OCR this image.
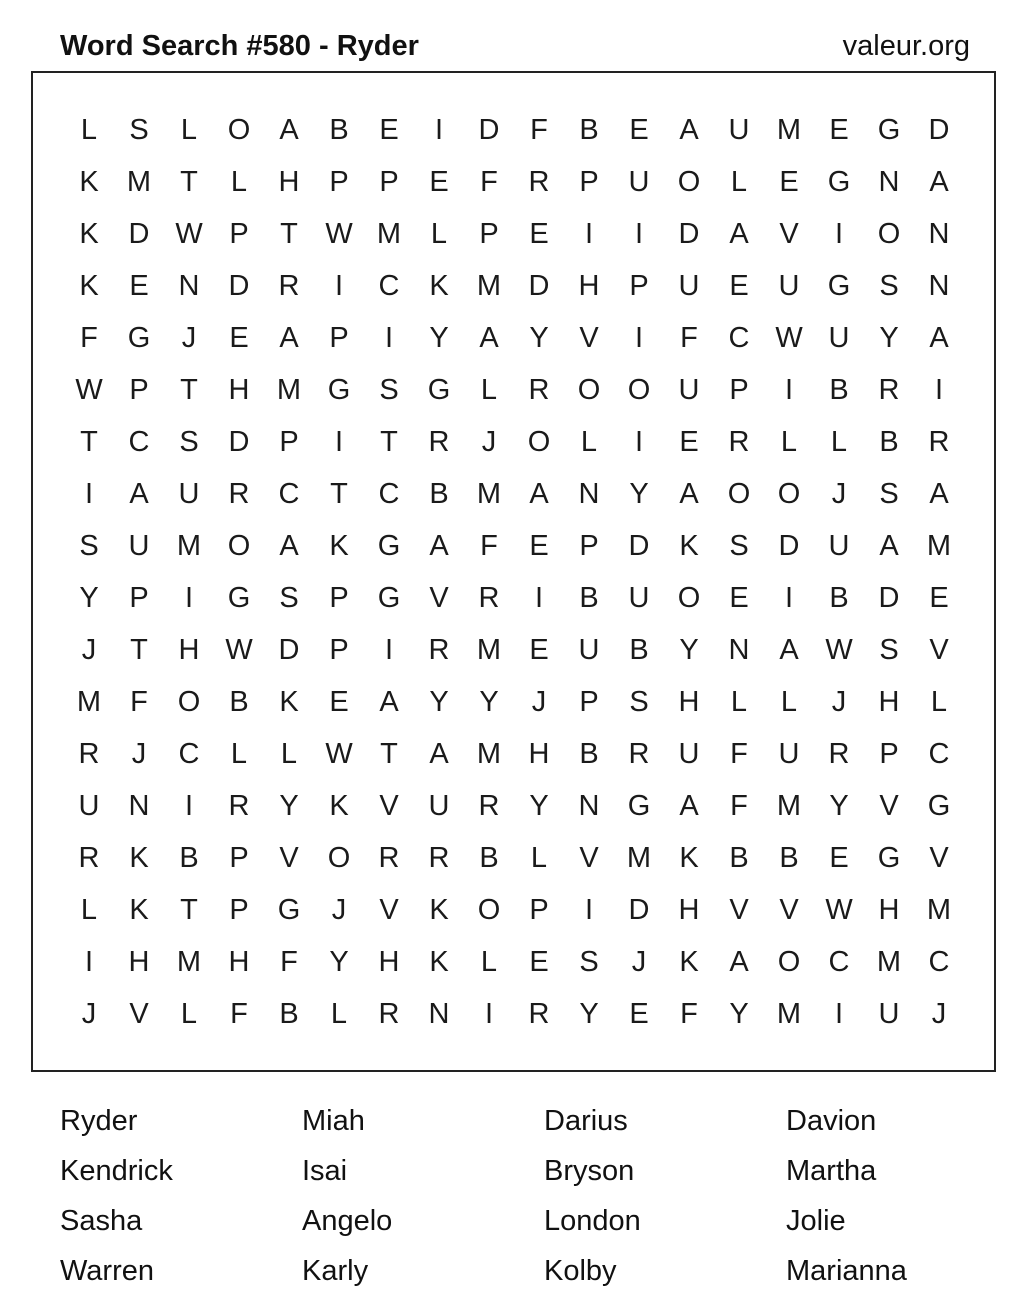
Word Search #580 - Ryder	valeur.org
L	S	L	O	A	B	E	I	D	F	B	E	A	U M E	G D
K M	T	L	H	P	P	E	F	R	P	U O	L	E	G N	A
K	D W P	T W M	L	P	E	I	I	D	A	V	I	O N
K	E	N	D	R	I	C	K M D	H	P	U	E	U G	S	N
F	G	J	E	A	P	I	Y	A	Y	V	I	F	C W U	Y	A
W P	T	H M G	S	G	L	R O O U	P	I	B	R	I
T	C	S	D	P	I	T	R	J	O	L	I	E	R	L	L	B	R
I	A	U	R	C	T	C	B M A	N	Y	A	O O	J	S	A
S	U M O	A	K	G	A	F	E	P	D	K	S	D	U	A M
Y	P	I	G	S	P	G	V	R	I	B	U O	E	I	B	D	E
J	T	H W D	P	I	R M E	U	B	Y	N	A W S	V
M	F	O	B	K	E	A	Y	Y	J	P	S	H	L	L	J	H	L
R	J	C	L	L W T	A M H	B	R	U	F	U	R	P	C
U	N	I	R	Y	K	V	U	R	Y	N G	A	F	M Y	V	G
R	K	B	P	V	O R	R	B	L	V M K	B	B	E	G	V
L	K	T	P	G	J	V	K	O	P	I	D	H	V	V W H M
I	H M H	F	Y	H	K	L	E	S	J	K	A	O C M C
J	V	L	F	B	L	R	N	I	R	Y	E	F	Y M	I	U	J
Ryder	Miah	Darius	Davion
Kendrick	Isai	Bryson	Martha
Sasha	Angelo	London	Jolie
Warren	Karly	Kolby	Marianna
